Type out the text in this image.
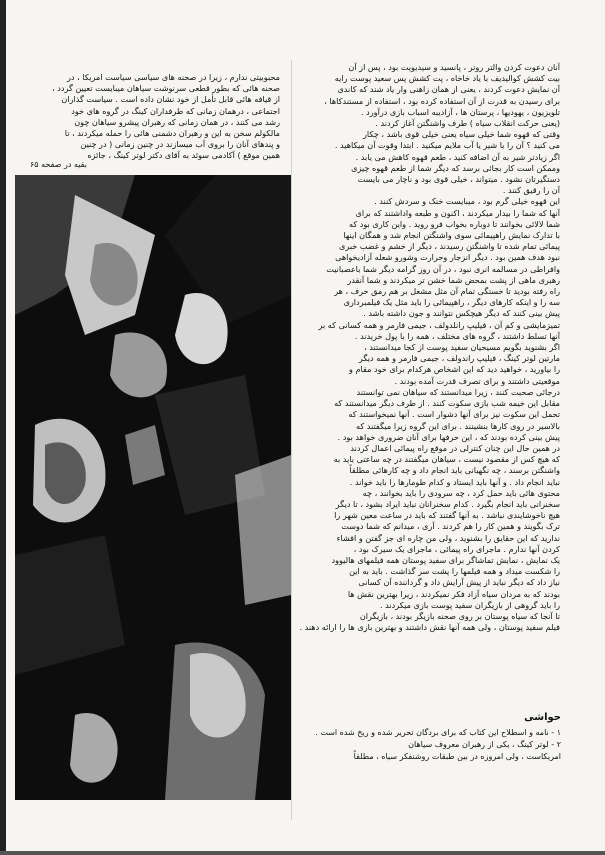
محبوبیتی ندارم ، زیرا در صحنه های سیاسی سیاست امریکا ، در

صحنه هائی که بطور قطعی سرنوشت سیاهان میبایست تعیین گردد ،

از قیافه هائی قابل تأمل از خود نشان داده است . سیاست گذاران

اجتماعی ، درهمان زمانی که طرفداران کینگ در گروه های خود

رشد می کنند ، در همان زمانی که رهبران پیشرو سیاهان چون

مالکولم سخن به این و رهبران دشمنی هائی را حمله میکردند ، تا

و پندهای آنان را بروی آب میسازند در چنین زمانی ( در چنین

همین موقع ) آکادمی سوئد به آقای دکتر لوتر کینگ ، جائزه

بقیه در صفحه ۶۵

آنان دعوت کردن والتر روتر ، پانسید و سیدیویت بود ، پس از آن

بیت کشش کوالیدیف با یاد خاخاه ، پت کشش پس سعید پوست رایه

آن نمایش دعوت کردند ، یعنی از همان زاهنی وار یاد شند که کاندی

برای رسیدن به قدرت از آن استفاده کرده بود ، استفاده از مستندکاها ،

تلویزیون ، یهودیها ، پرستان ها ، آزادیبه اسباب بازی درآورد .

(یعنی حرکت انقلاب سیاه ) طرف واشنگتن آغاز کردند .

وقتی که قهوه شما خیلی سیاه یعنی خیلی قوی باشد ، چکار

می کنید ؟ آن را با شیر یا آب ملایم میکنید . ابتدا وقوت آن میکاهید .

اگر زیادتر شیر به آن اضافه کنید ، طعم قهوه کاهش می یابد .

وممکن است کار بجائی برسد که دیگر شما از طعم قهوه چیزی

دستگیرتان نشود . میتواند ، خیلی قوی بود و ناچار می بایست

آن را رقیق کنند .

این قهوه خیلی گرم بود ، میبایست خنک و سردش کنند .

آنها که شما را بیدار میکردند ، اکنون و طبعه واداشتند که برای

شما لالائی بخوانند تا دوباره بخواب فرو روید . واین کاری بود که

با تدارک نمایش راهپیمائی سوی واشنگتن انجام شد و همگان اینها

پیمائی تمام شده تا واشنگتن رسیدند ، دیگر از خشم و غضب خبری

نبود هدف همین بود . دیگر انزجار وحرارت وشورو شعله آزادیخواهی

وافراطی در مسالمه انری نبود ، در آن روز گرامه دیگر شما باعصبانیت

رهبری ماهی از پشت بمحض شما خشن تر میکردند و شما آنقدر

راه رفته بودید تا خستگی تمام آن مثل مشعل بر هم رمق حرف ، هر

سه را و اینکه کارهای دیگر ، راهپیمائی را باید مثل یک فیلمبرداری

پیش بینی کنند که دیگر هیچکس نتوانند و جون داشته باشد .

تمیزمایشی و کم آن ، فیلیپ رانلدولف ، جیمی فارمر و همه کسانی که بر

آنها تسلط داشتند ، گروه های مختلف ، همه را با پول خریدند .

اگر بشنوید بگویم مسیحیان سفید پوست از کجا میدانستند ،

مارتین لوتر کینگ ، فیلیپ راندولف ، جیمی فارمر و همه دیگر

را بیاورید ، خواهید دید که این اشخاص هرکدام برای خود مقام و

موقعیتی داشتند و برای تصرف قدرت آمده بودند .

درجائی صحبت کنند ، زیرا میدانستند که سیاهان نمی توانستند

مقابل این خیمه شب بازی سکوت کنند . از طرف دیگر میدانستند که

تحمل این سکوت نیز برای آنها دشوار است . آنها نمیخواستند که

بالاسیر در روی کارها بنشینند . برای این گروه زیرا میگفتند که

پیش بینی کرده بودند که ، این حرفها برای آنان ضروری خواهد بود .

در همین حال این چنان کنترلی در موقع راه پیمائی اعمال کردند

که هیچ کس از مقصود نیست ، سیاهان میگفتند در چه ساعتی باید به

واشنگتن برسند ، چه نگهبانی باید انجام داد و چه کارهائی مطلقاً

نباید انجام داد . و آنها باید ایستاد و کدام طومارها را باید خواند .

محتوی هائی باید حمل کرد ، چه سرودی را باید بخوانند ، چه

سخنرانی باید انجام بگیرد . کدام سخنرانان نباید ایراد بشود ، تا دیگر

هیچ ناخوشایندی نباشد . به آنها گفتند که باید در ساعت معین شهر را

ترک بگویند و همین کار را هم کردند . آری ، میدانم که شما دوست

ندارید که این حقایق را بشنوید ، ولی من چاره ای جز گفتن و افشاء

کردن آنها ندارم . ماجرای راه پیمائی ، ماجرای یک سیرک بود ،

یک نمایش ، نمایش تماشاگر برای سفید پوستان همه فیلمهای هالیوود

را شکست میداد و همه فیلمها را پشت سر گذاشت . باید به این

نیاز داد که دیگر نباید از پیش آرایش داد و گرداننده آن کسانی

بودند که به مردان سیاه آزاد فکر نمیکردند ، زیرا بهترین نقش ها

را باید گروهی از بازیگران سفید پوست بازی میکردند .

تا آنجا که سیاه پوستان بر روی صحنه بازیگر بودند ، بازیگران

فیلم سفید پوستان ، ولی همه آنها نقش داشتند و بهترین بازی ها را ارائه دهند .

حواشی

۱ - نامه و اسطلاح این کتاب که برای بردگان تحریر شده و ریخ شده است .

۲ - لوتر کینگ ، یکی از رهبران معروف سیاهان

امریکاست ، ولی امروزه در بین طبقات روشنفکر سیاه ، مطلقاً
